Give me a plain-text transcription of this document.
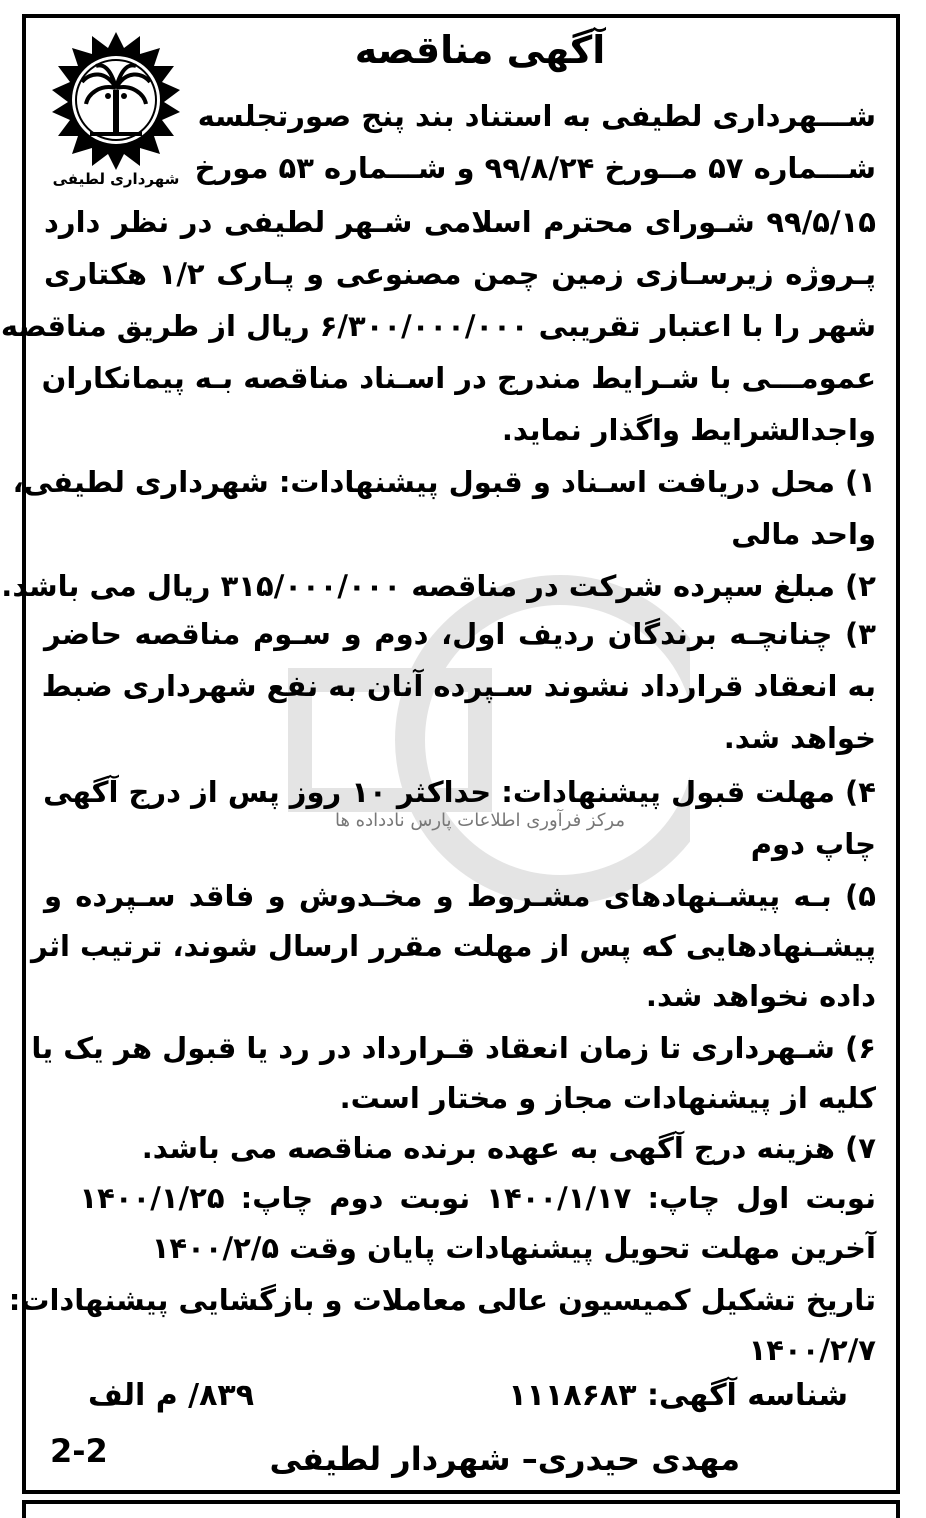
مرکز فرآوری اطلاعات پارس نادداده ها
شهرداری لطیفی
آگهی مناقصه
شـــهرداری لطیفی به استناد بند پنج صورتجلسه
شـــماره ۵۷ مــورخ ۹۹/۸/۲۴ و شـــماره ۵۳ مورخ
۹۹/۵/۱۵ شـورای محترم اسلامی شـهر لطیفی در نظر دارد
پـروژه زیرسـازی زمین چمن مصنوعی و پـارک ۱/۲ هکتاری
شهر را با اعتبار تقریبی ۶/۳۰۰/۰۰۰/۰۰۰ ریال از طریق مناقصه
عمومـــی با شـرایط مندرج در اسـناد مناقصه بـه پیمانکاران
واجدالشرایط واگذار نماید.
۱) محل دریافت اسـناد و قبول پیشنهادات: شهرداری لطیفی،
واحد مالی
۲) مبلغ سپرده شرکت در مناقصه ۳۱۵/۰۰۰/۰۰۰ ریال می باشد.
۳) چنانچـه برندگان ردیف اول، دوم و سـوم مناقصه حاضر
به انعقاد قرارداد نشوند سـپرده آنان به نفع شهرداری ضبط
خواهد شد.
۴) مهلت قبول پیشنهادات: حداکثر ۱۰ روز پس از درج آگهی
چاپ دوم
۵) بـه پیشـنهادهای مشـروط و مخـدوش و فاقد سـپرده و
پیشـنهادهایی که پس از مهلت مقرر ارسال شوند، ترتیب اثر
داده نخواهد شد.
۶) شـهرداری تا زمان انعقاد قـرارداد در رد یا قبول هر یک یا
کلیه از پیشنهادات مجاز و مختار است.
۷) هزینه درج آگهی به عهده برنده مناقصه می باشد.
نوبت اول چاپ: ۱۴۰۰/۱/۱۷ نوبت دوم چاپ: ۱۴۰۰/۱/۲۵
آخرین مهلت تحویل پیشنهادات پایان وقت ۱۴۰۰/۲/۵
تاریخ تشکیل کمیسیون عالی معاملات و بازگشایی پیشنهادات:
۱۴۰۰/۲/۷
شناسه آگهی: ۱۱۱۸۶۸۳
۸۳۹/ م الف
مهدی حیدری– شهردار لطیفی
2-2
